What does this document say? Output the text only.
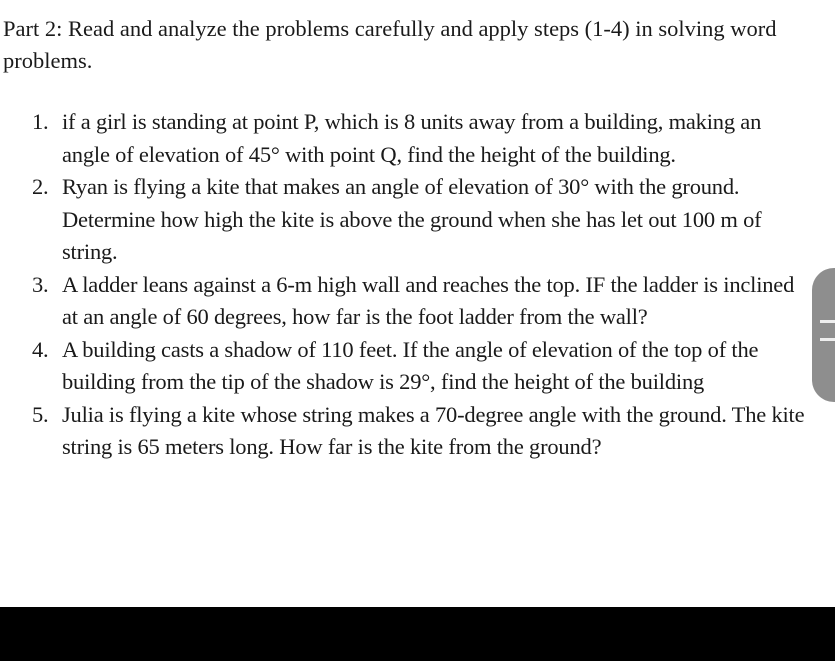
Part 2: Read and analyze the problems carefully and apply steps (1-4) in solving word problems.
1. if a girl is standing at point P, which is 8 units away from a building, making an angle of elevation of 45° with point Q, find the height of the building.
2. Ryan is flying a kite that makes an angle of elevation of 30° with the ground. Determine how high the kite is above the ground when she has let out 100 m of string.
3. A ladder leans against a 6-m high wall and reaches the top. IF the ladder is inclined at an angle of 60 degrees, how far is the foot ladder from the wall?
4. A building casts a shadow of 110 feet. If the angle of elevation of the top of the building from the tip of the shadow is 29°, find the height of the building
5. Julia is flying a kite whose string makes a 70-degree angle with the ground. The kite string is 65 meters long. How far is the kite from the ground?
